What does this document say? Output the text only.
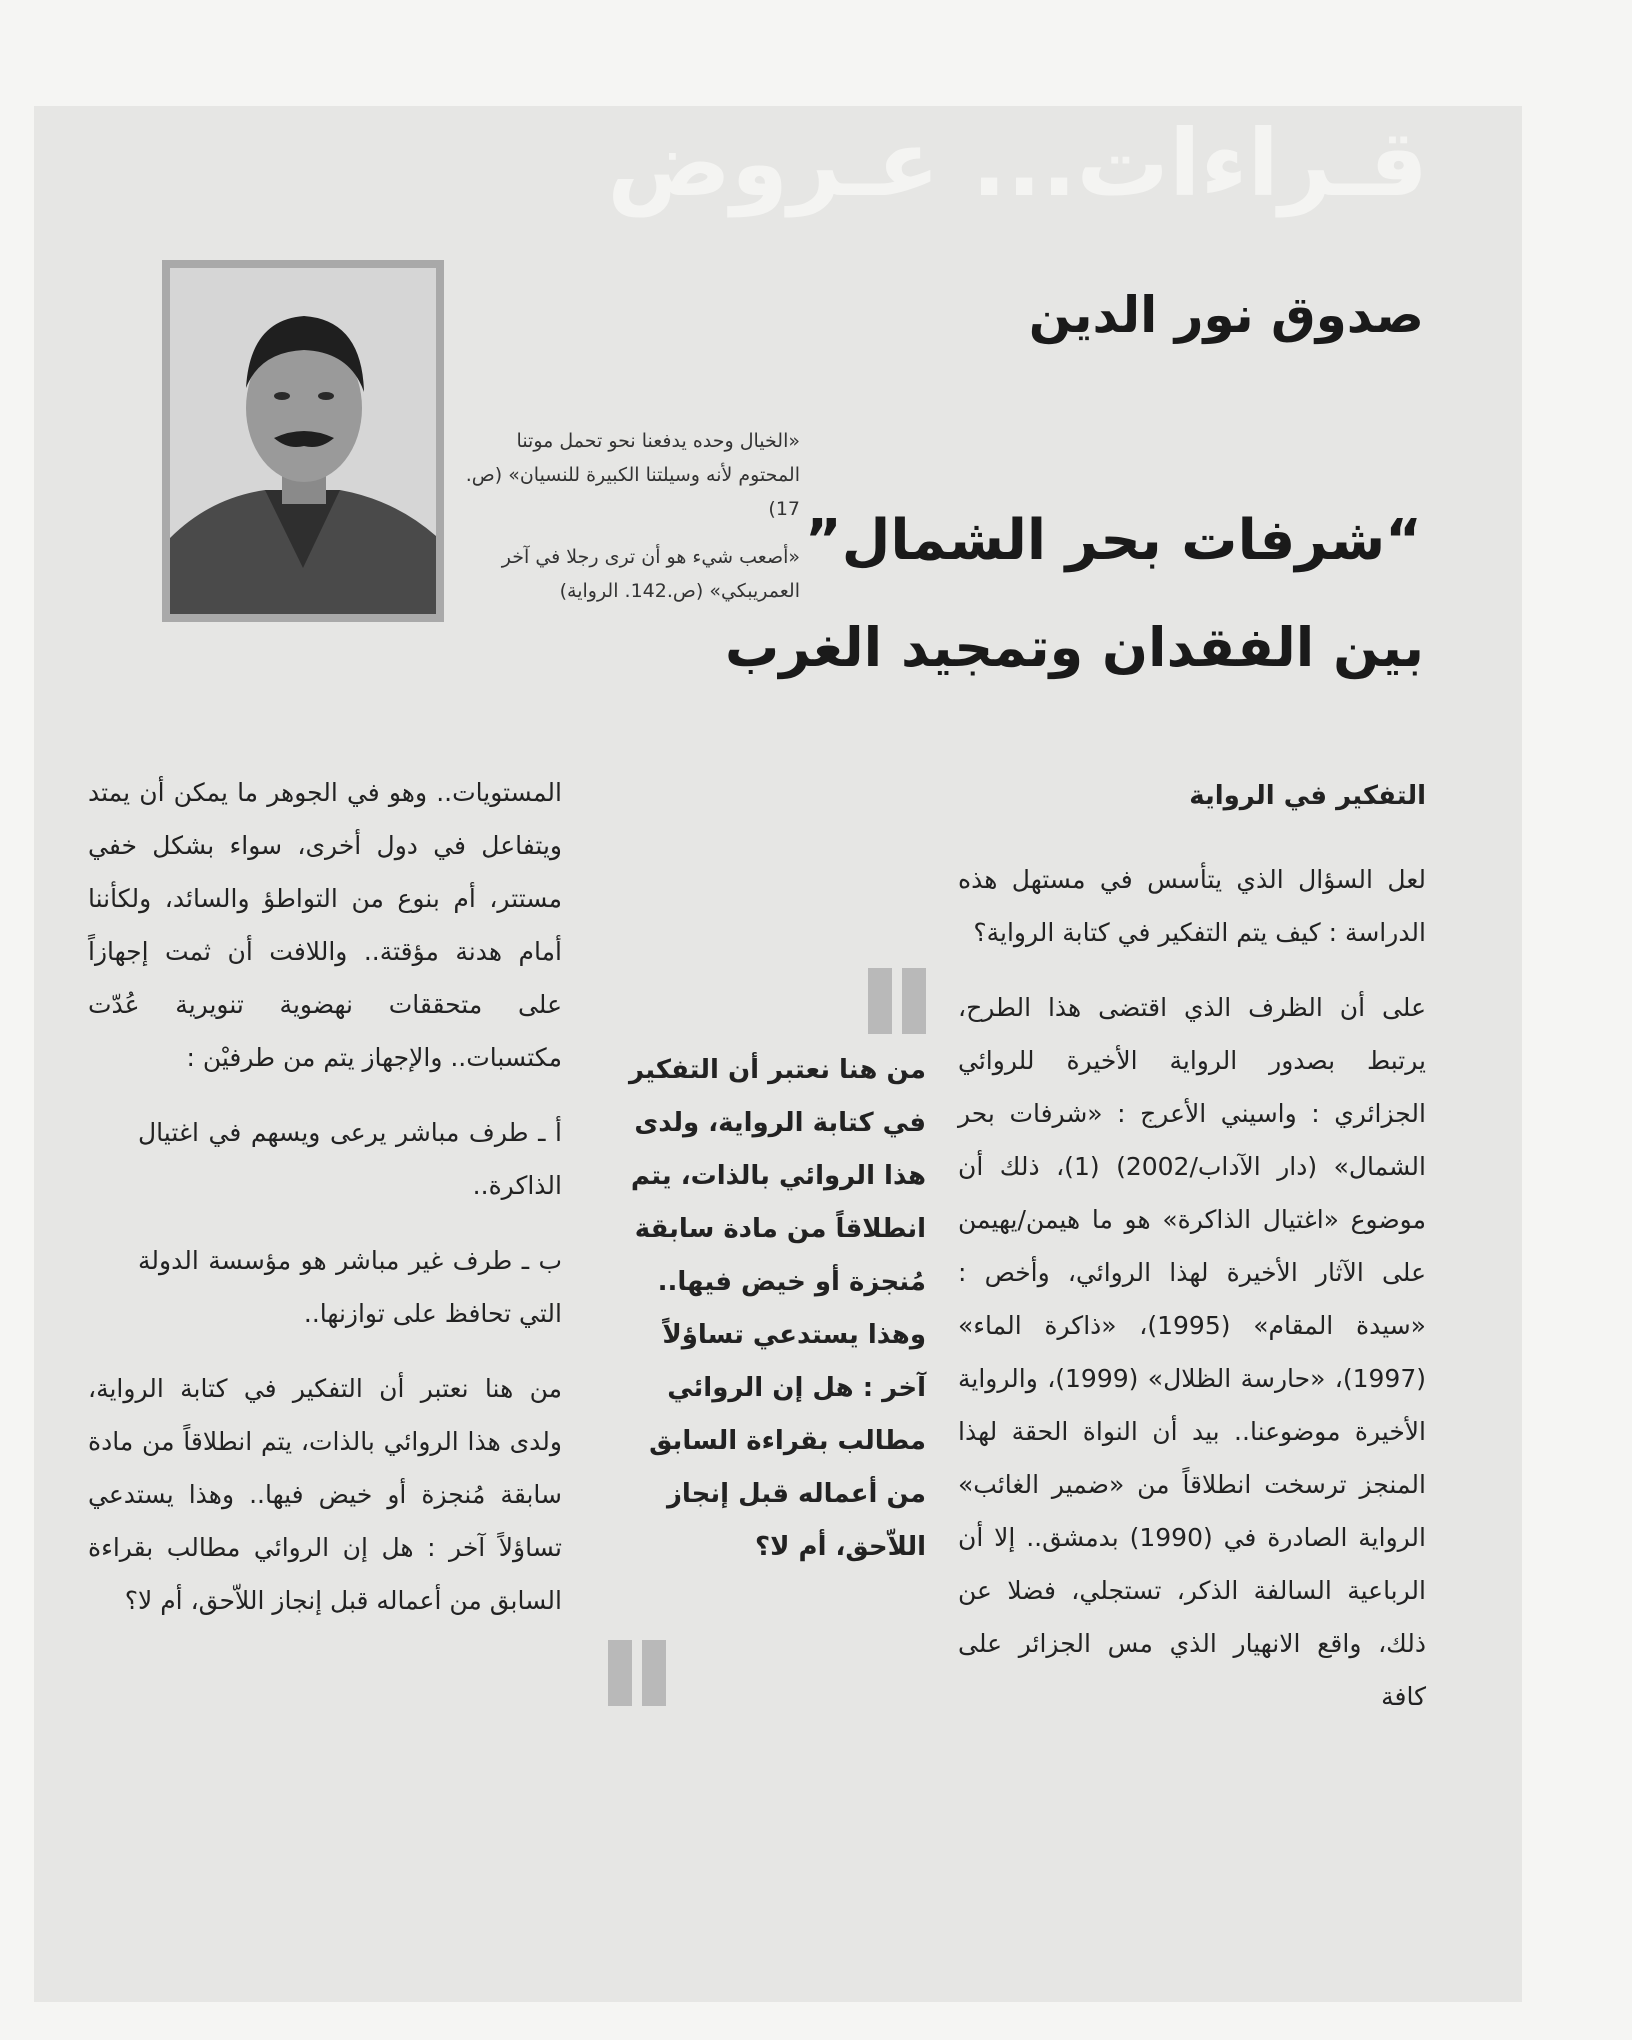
قـراءات... عـروض
صدوق نور الدين

«الخيال وحده يدفعنا نحو تحمل موتنا المحتوم لأنه وسيلتنا الكبيرة للنسيان» (ص. 17)

«أصعب شيء هو أن ترى رجلا في آخر العمريبكي» (ص.142. الرواية)

“شرفات بحر الشمال”
بين الفقدان وتمجيد الغرب
التفكير في الرواية

لعل السؤال الذي يتأسس في مستهل هذه الدراسة : كيف يتم التفكير في كتابة الرواية؟

على أن الظرف الذي اقتضى هذا الطرح، يرتبط بصدور الرواية الأخيرة للروائي الجزائري : واسيني الأعرج : «شرفات بحر الشمال» (دار الآداب/2002) (1)، ذلك أن موضوع «اغتيال الذاكرة» هو ما هيمن/يهيمن على الآثار الأخيرة لهذا الروائي، وأخص : «سيدة المقام» (1995)، «ذاكرة الماء» (1997)، «حارسة الظلال» (1999)، والرواية الأخيرة موضوعنا.. بيد أن النواة الحقة لهذا المنجز ترسخت انطلاقاً من «ضمير الغائب» الرواية الصادرة في (1990) بدمشق.. إلا أن الرباعية السالفة الذكر، تستجلي، فضلا عن ذلك، واقع الانهيار الذي مس الجزائر على كافة

من هنا نعتبر أن التفكير في كتابة الرواية، ولدى هذا الروائي بالذات، يتم انطلاقاً من مادة سابقة مُنجزة أو خيض فيها.. وهذا يستدعي تساؤلاً آخر : هل إن الروائي مطالب بقراءة السابق من أعماله قبل إنجاز اللاّحق، أم لا؟

المستويات.. وهو في الجوهر ما يمكن أن يمتد ويتفاعل في دول أخرى، سواء بشكل خفي مستتر، أم بنوع من التواطؤ والسائد، ولكأننا أمام هدنة مؤقتة.. واللافت أن ثمت إجهازاً على متحققات نهضوية تنويرية عُدّت مكتسبات.. والإجهاز يتم من طرفيْن :

أ ـ طرف مباشر يرعى ويسهم في اغتيال الذاكرة..

ب ـ طرف غير مباشر هو مؤسسة الدولة التي تحافظ على توازنها..

من هنا نعتبر أن التفكير في كتابة الرواية، ولدى هذا الروائي بالذات، يتم انطلاقاً من مادة سابقة مُنجزة أو خيض فيها.. وهذا يستدعي تساؤلاً آخر : هل إن الروائي مطالب بقراءة السابق من أعماله قبل إنجاز اللاّحق، أم لا؟
